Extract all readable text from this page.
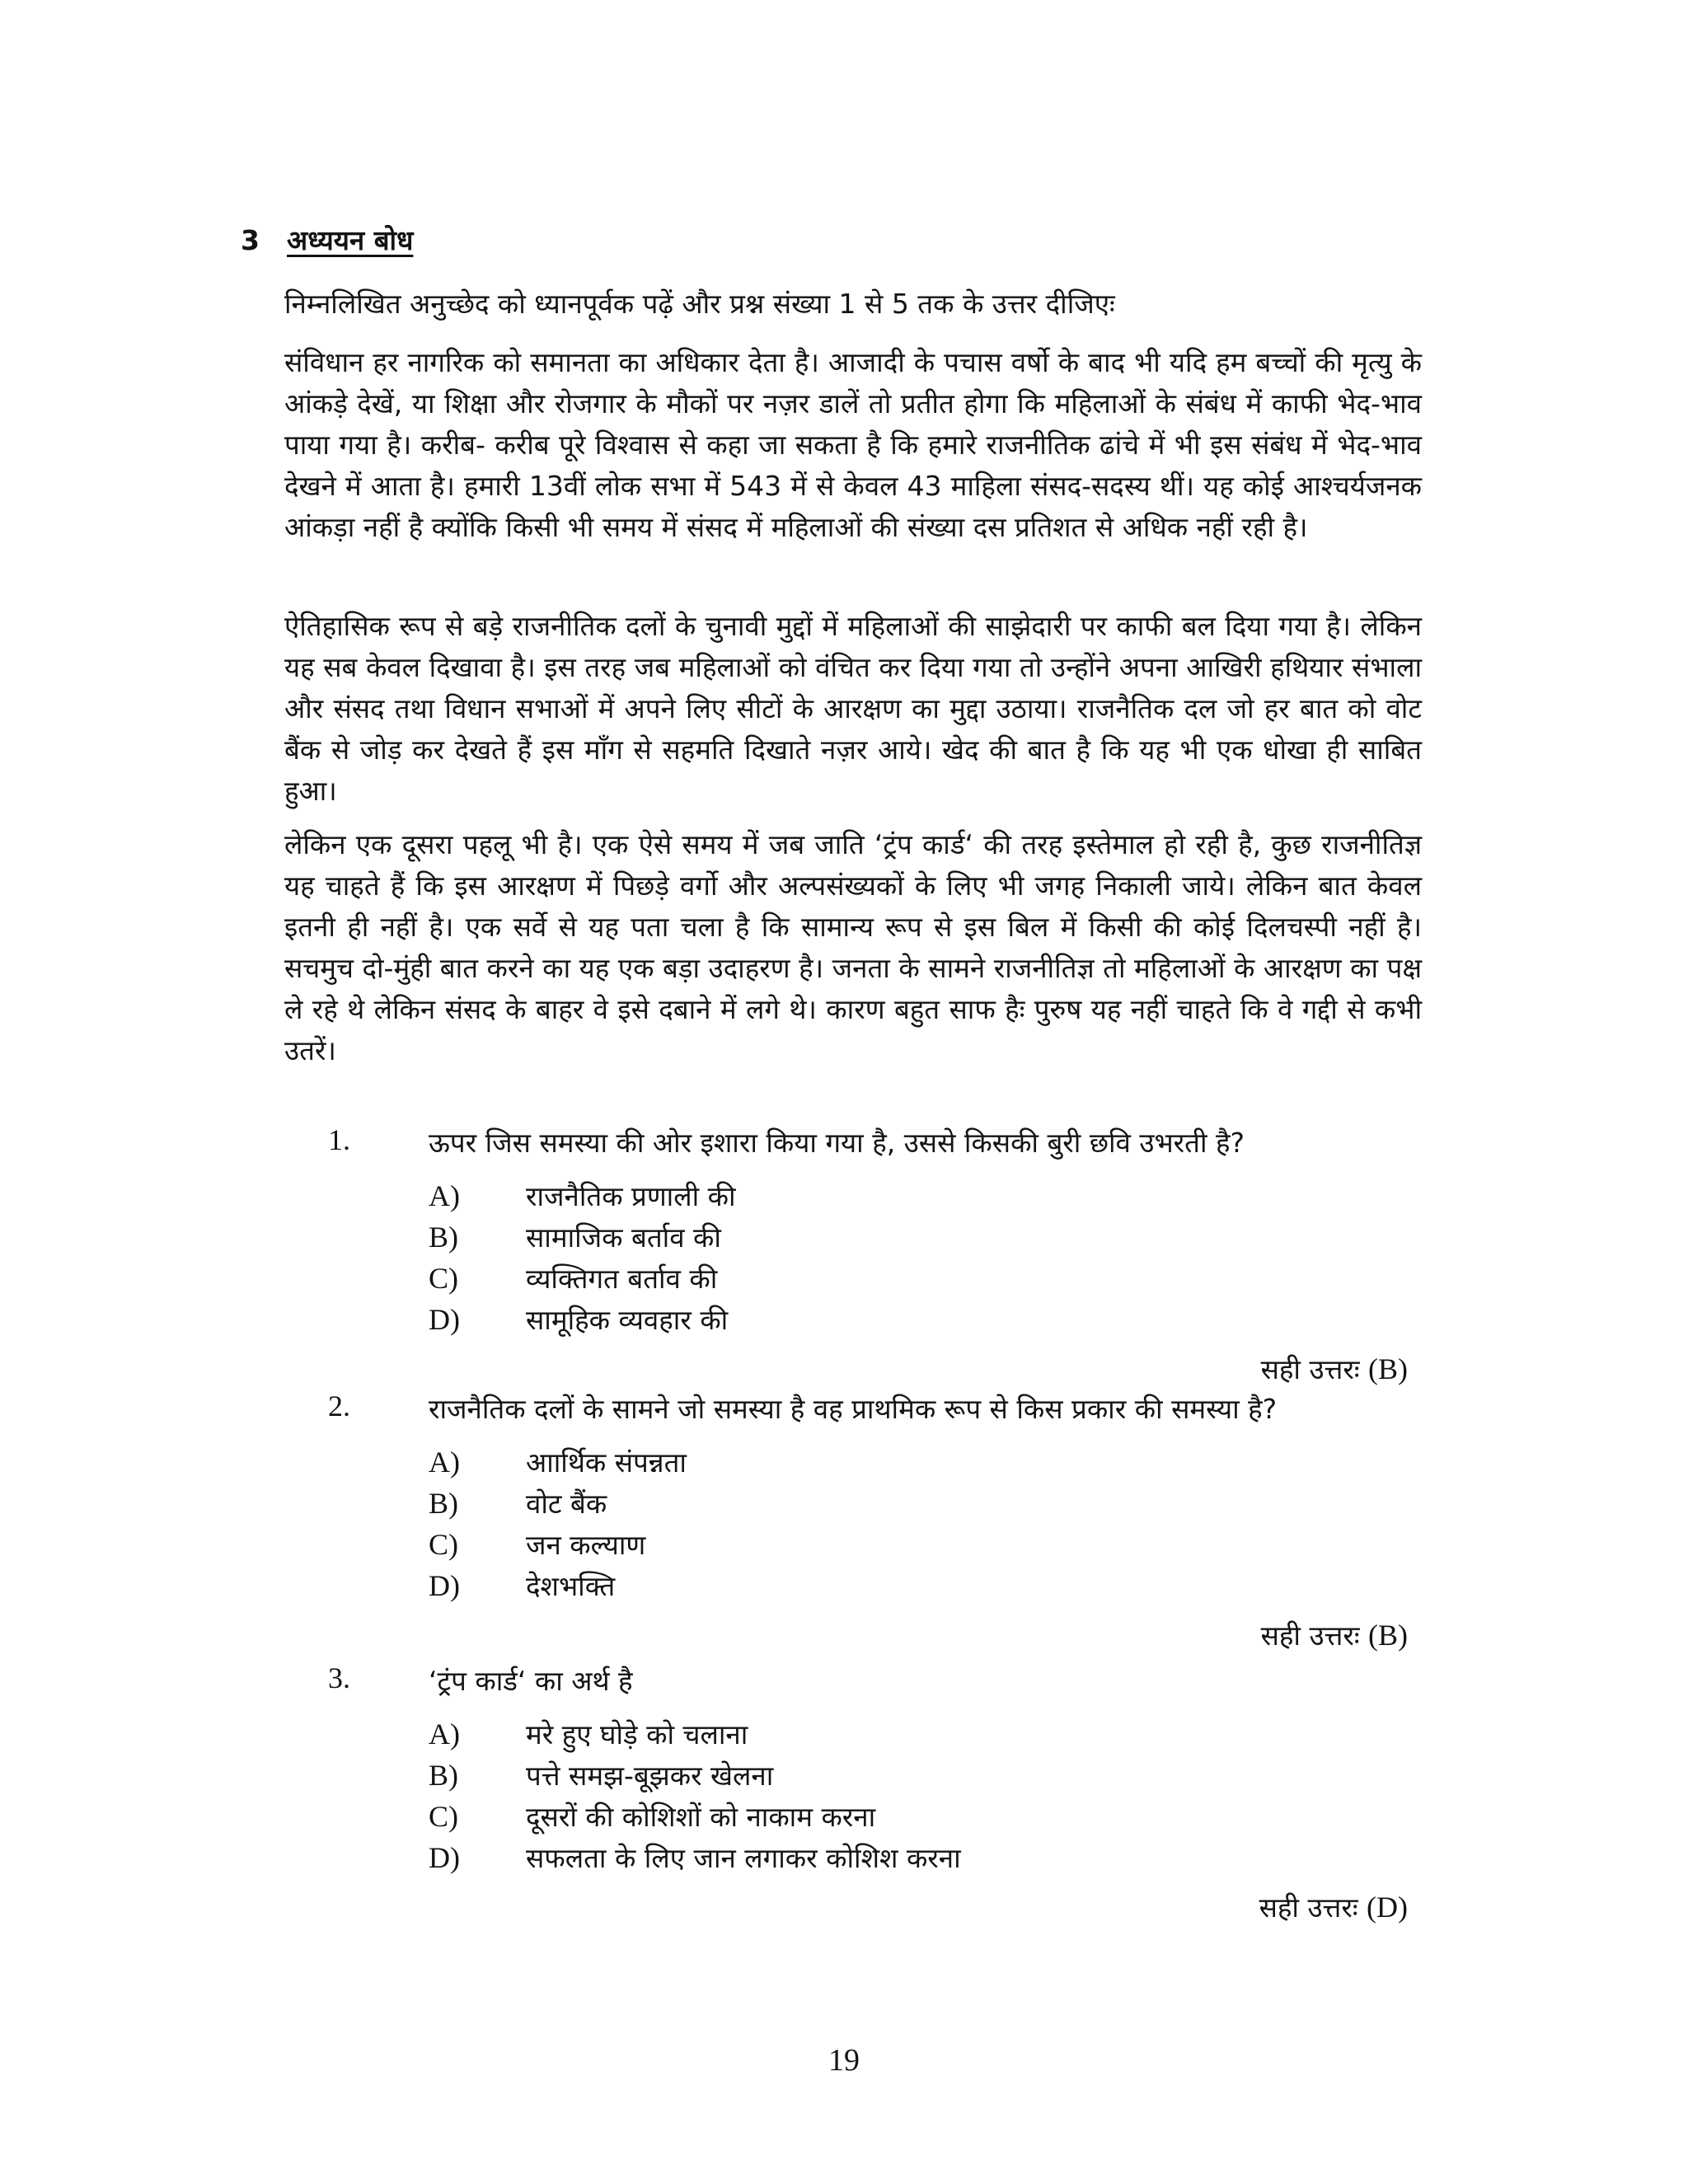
3 अध्ययन बोध
निम्नलिखित अनुच्छेद को ध्यानपूर्वक पढ़ें और प्रश्न संख्या 1 से 5 तक के उत्तर दीजिएः
संविधान हर नागरिक को समानता का अधिकार देता है। आजादी के पचास वर्षो के बाद भी यदि हम बच्चों की मृत्यु के आंकड़े देखें, या शिक्षा और रोजगार के मौकों पर नज़र डालें तो प्रतीत होगा कि महिलाओं के संबंध में काफी भेद-भाव पाया गया है। करीब- करीब पूरे विश्वास से कहा जा सकता है कि हमारे राजनीतिक ढांचे में भी इस संबंध में भेद-भाव देखने में आता है। हमारी 13वीं लोक सभा में 543 में से केवल 43 माहिला संसद-सदस्य थीं। यह कोई आश्चर्यजनक आंकड़ा नहीं है क्योंकि किसी भी समय में संसद में महिलाओं की संख्या दस प्रतिशत से अधिक नहीं रही है।
ऐतिहासिक रूप से बड़े राजनीतिक दलों के चुनावी मुद्दों में महिलाओं की साझेदारी पर काफी बल दिया गया है। लेकिन यह सब केवल दिखावा है। इस तरह जब महिलाओं को वंचित कर दिया गया तो उन्होंने अपना आखिरी हथियार संभाला और संसद तथा विधान सभाओं में अपने लिए सीटों के आरक्षण का मुद्दा उठाया। राजनैतिक दल जो हर बात को वोट बैंक से जोड़ कर देखते हैं इस माँग से सहमति दिखाते नज़र आये। खेद की बात है कि यह भी एक धोखा ही साबित हुआ।
लेकिन एक दूसरा पहलू भी है। एक ऐसे समय में जब जाति ‘ट्रंप कार्ड‘ की तरह इस्तेमाल हो रही है, कुछ राजनीतिज्ञ यह चाहते हैं कि इस आरक्षण में पिछड़े वर्गो और अल्पसंख्यकों के लिए भी जगह निकाली जाये। लेकिन बात केवल इतनी ही नहीं है। एक सर्वे से यह पता चला है कि सामान्य रूप से इस बिल में किसी की कोई दिलचस्पी नहीं है। सचमुच दो-मुंही बात करने का यह एक बड़ा उदाहरण है। जनता के सामने राजनीतिज्ञ तो महिलाओं के आरक्षण का पक्ष ले रहे थे लेकिन संसद के बाहर वे इसे दबाने में लगे थे। कारण बहुत साफ हैः पुरुष यह नहीं चाहते कि वे गद्दी से कभी उतरें।
1.	ऊपर जिस समस्या की ओर इशारा किया गया है, उससे किसकी बुरी छवि उभरती है?
A) राजनैतिक प्रणाली की
B) सामाजिक बर्ताव की
C) व्यक्तिगत बर्ताव की
D) सामूहिक व्यवहार की
सही उत्तरः (B)
2.	राजनैतिक दलों के सामने जो समस्या है वह प्राथमिक रूप से किस प्रकार की समस्या है?
A) आार्थिक संपन्नता
B) वोट बैंक
C) जन कल्याण
D) देशभक्ति
सही उत्तरः (B)
3.	‘ट्रंप कार्ड‘ का अर्थ है
A) मरे हुए घोड़े को चलाना
B) पत्ते समझ-बूझकर खेलना
C) दूसरों की कोशिशों को नाकाम करना
D) सफलता के लिए जान लगाकर कोशिश करना
सही उत्तरः (D)
19
